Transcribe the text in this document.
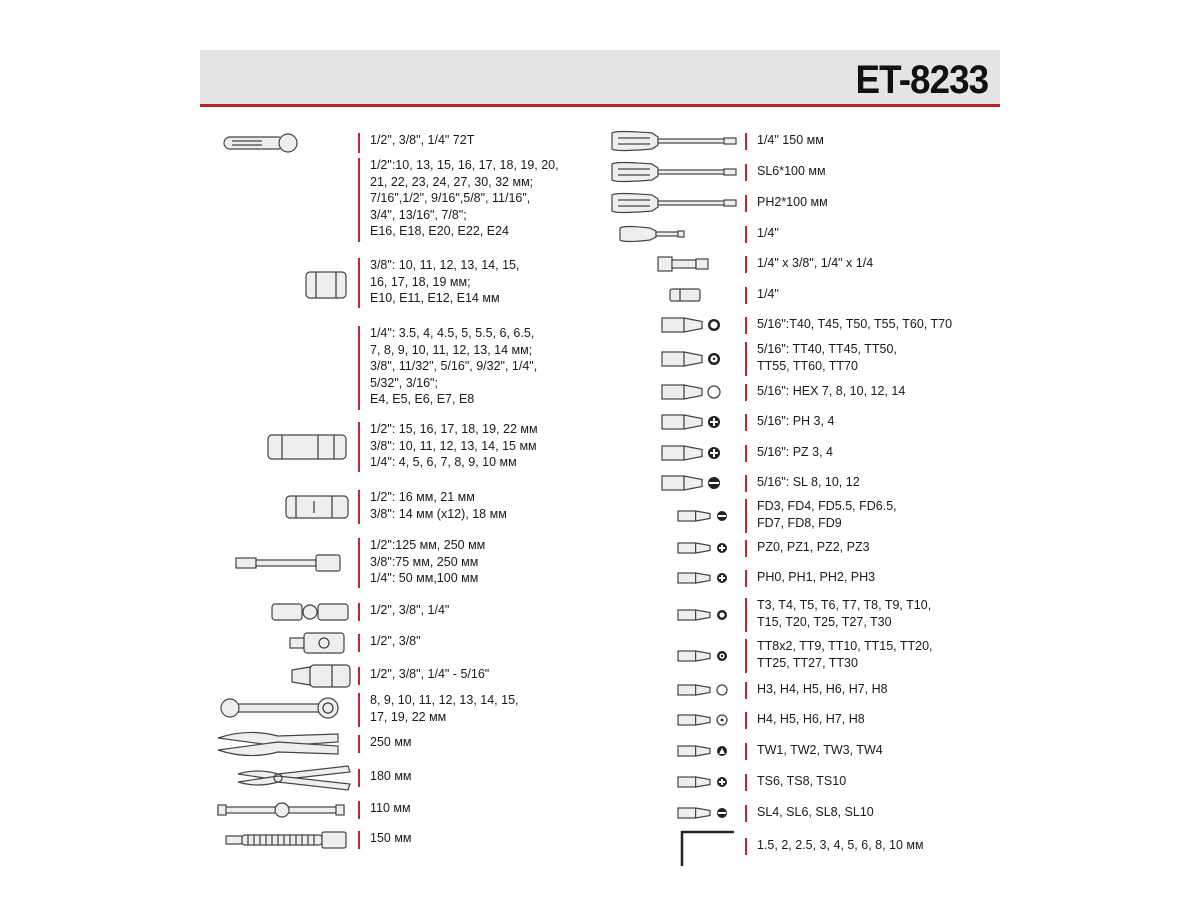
ET-8233
1/2", 3/8", 1/4" 72T
1/2":10, 13, 15, 16, 17, 18, 19, 20,
21, 22, 23, 24, 27, 30, 32 мм;
7/16",1/2", 9/16",5/8", 11/16",
3/4", 13/16", 7/8";
E16, E18, E20, E22, E24
3/8": 10, 11, 12, 13, 14, 15,
16, 17, 18, 19 мм;
E10, E11, E12, E14 мм
1/4": 3.5, 4, 4.5, 5, 5.5, 6, 6.5,
7, 8, 9, 10, 11, 12, 13, 14 мм;
3/8", 11/32", 5/16", 9/32", 1/4",
5/32", 3/16";
E4, E5, E6, E7, E8
1/2": 15, 16, 17, 18, 19, 22 мм
3/8": 10, 11, 12, 13, 14, 15 мм
1/4": 4, 5, 6, 7, 8, 9, 10 мм
1/2": 16 мм, 21 мм
3/8": 14 мм (x12), 18 мм
1/2":125 мм, 250 мм
3/8":75 мм, 250 мм
1/4": 50 мм,100 мм
1/2", 3/8", 1/4"
1/2", 3/8"
1/2", 3/8", 1/4" - 5/16"
8, 9, 10, 11, 12, 13, 14, 15,
17, 19, 22 мм
250 мм
180 мм
110 мм
150 мм
1/4" 150 мм
SL6*100 мм
PH2*100 мм
1/4"
1/4" x 3/8", 1/4" x 1/4
1/4"
5/16":T40, T45, T50, T55, T60, T70
5/16": TT40, TT45, TT50,
TT55, TT60, TT70
5/16": HEX 7, 8, 10, 12, 14
5/16": PH 3, 4
5/16": PZ 3, 4
5/16": SL 8, 10, 12
FD3, FD4, FD5.5, FD6.5,
FD7, FD8, FD9
PZ0, PZ1, PZ2, PZ3
PH0, PH1, PH2, PH3
T3, T4, T5, T6, T7, T8, T9, T10,
T15, T20, T25, T27, T30
TT8x2, TT9, TT10, TT15, TT20,
TT25, TT27, TT30
H3, H4, H5, H6, H7, H8
H4, H5, H6, H7, H8
TW1, TW2, TW3, TW4
TS6, TS8, TS10
SL4, SL6, SL8, SL10
1.5, 2, 2.5, 3, 4, 5, 6, 8, 10 мм
